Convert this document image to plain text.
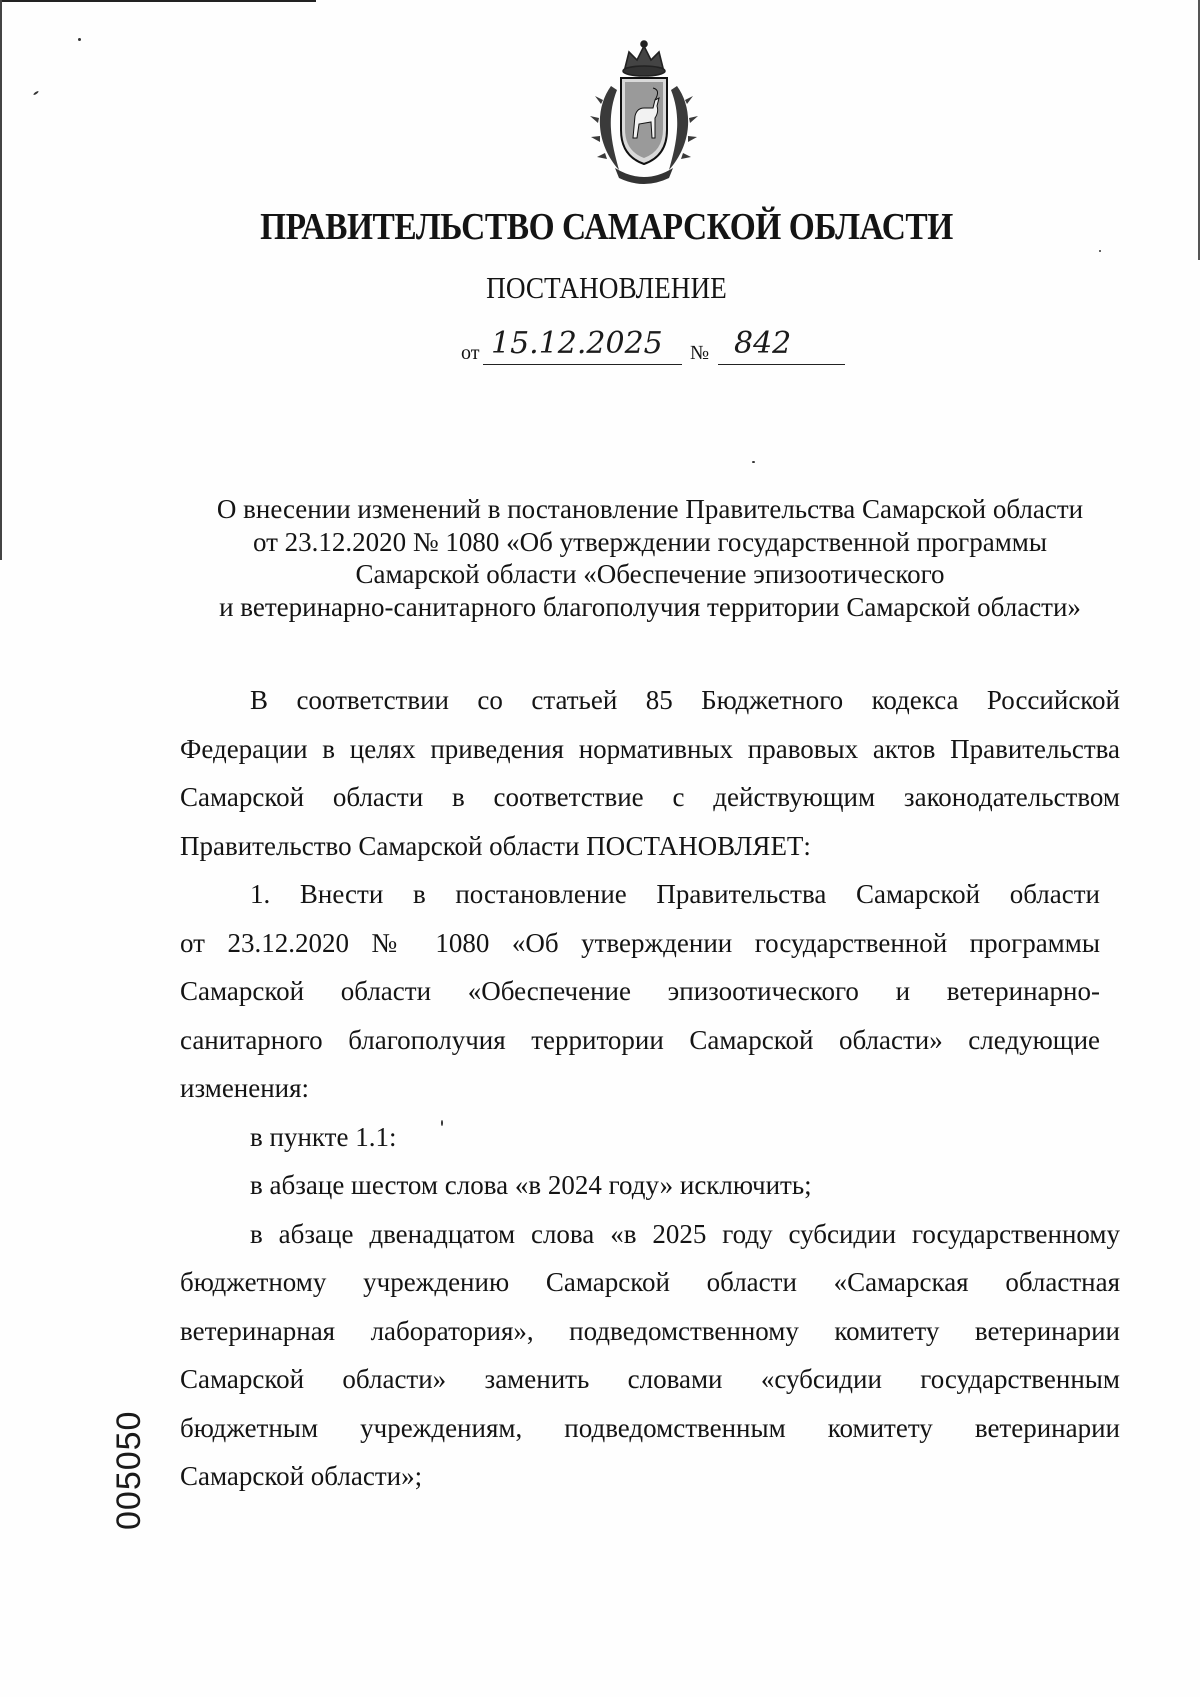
ПРАВИТЕЛЬСТВО САМАРСКОЙ ОБЛАСТИ
ПОСТАНОВЛЕНИЕ
от 15.12.2025 № 842
О внесении изменений в постановление Правительства Самарской области
от 23.12.2020 № 1080 «Об утверждении государственной программы
Самарской области «Обеспечение эпизоотического
и ветеринарно-санитарного благополучия территории Самарской области»
В соответствии со статьей 85 Бюджетного кодекса Российской
Федерации в целях приведения нормативных правовых актов Правительства
Самарской области в соответствие с действующим законодательством
Правительство Самарской области ПОСТАНОВЛЯЕТ:
1. Внести в постановление Правительства Самарской области
от 23.12.2020 № 1080 «Об утверждении государственной программы
Самарской области «Обеспечение эпизоотического и ветеринарно-
санитарного благополучия территории Самарской области» следующие
изменения:
в пункте 1.1:
в абзаце шестом слова «в 2024 году» исключить;
в абзаце двенадцатом слова «в 2025 году субсидии государственному
бюджетному учреждению Самарской области «Самарская областная
ветеринарная лаборатория», подведомственному комитету ветеринарии
Самарской области» заменить словами «субсидии государственным
бюджетным учреждениям, подведомственным комитету ветеринарии
Самарской области»;
005050
